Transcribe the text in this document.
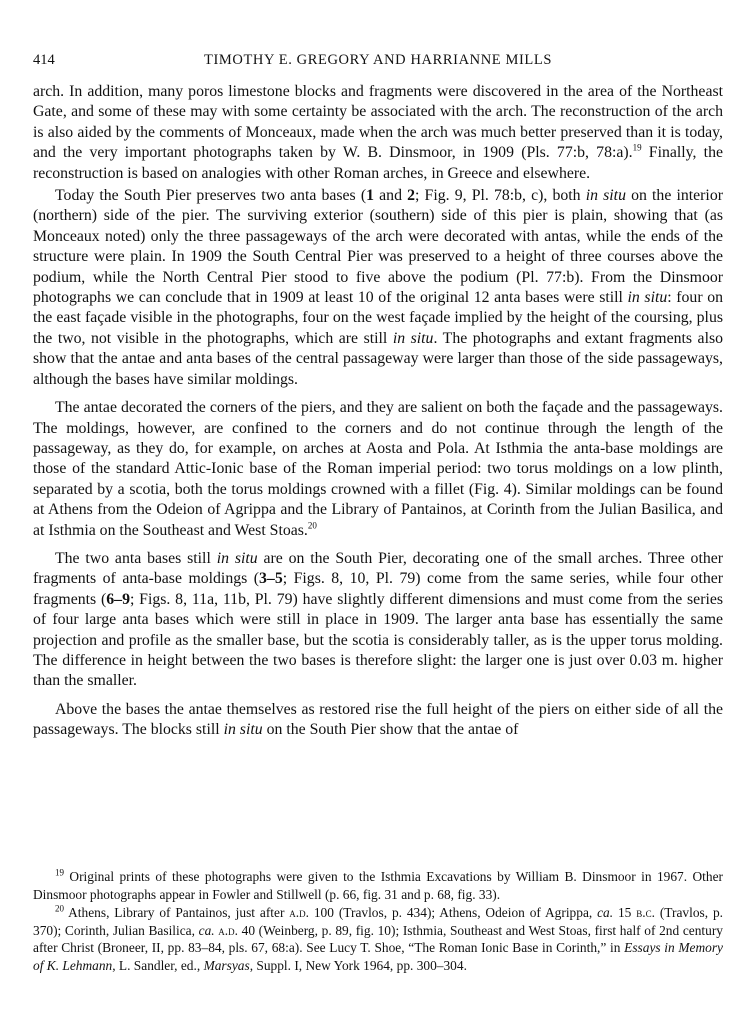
414	TIMOTHY E. GREGORY AND HARRIANNE MILLS

arch. In addition, many poros limestone blocks and fragments were discovered in the area of the Northeast Gate, and some of these may with some certainty be associated with the arch. The reconstruction of the arch is also aided by the comments of Monceaux, made when the arch was much better preserved than it is today, and the very important photographs taken by W. B. Dinsmoor, in 1909 (Pls. 77:b, 78:a).$^{19}$ Finally, the reconstruction is based on analogies with other Roman arches, in Greece and elsewhere.

Today the South Pier preserves two anta bases (1 and 2; Fig. 9, Pl. 78:b, c), both in situ on the interior (northern) side of the pier. The surviving exterior (southern) side of this pier is plain, showing that (as Monceaux noted) only the three passageways of the arch were decorated with antas, while the ends of the structure were plain. In 1909 the South Central Pier was preserved to a height of three courses above the podium, while the North Central Pier stood to five above the podium (Pl. 77:b). From the Dinsmoor photographs we can conclude that in 1909 at least 10 of the original 12 anta bases were still in situ: four on the east façade visible in the photographs, four on the west façade implied by the height of the coursing, plus the two, not visible in the photographs, which are still in situ. The photographs and extant fragments also show that the antae and anta bases of the central passageway were larger than those of the side passageways, although the bases have similar moldings.

The antae decorated the corners of the piers, and they are salient on both the façade and the passageways. The moldings, however, are confined to the corners and do not continue through the length of the passageway, as they do, for example, on arches at Aosta and Pola. At Isthmia the anta-base moldings are those of the standard Attic-Ionic base of the Roman imperial period: two torus moldings on a low plinth, separated by a scotia, both the torus moldings crowned with a fillet (Fig. 4). Similar moldings can be found at Athens from the Odeion of Agrippa and the Library of Pantainos, at Corinth from the Julian Basilica, and at Isthmia on the Southeast and West Stoas.$^{20}$

The two anta bases still in situ are on the South Pier, decorating one of the small arches. Three other fragments of anta-base moldings (3–5; Figs. 8, 10, Pl. 79) come from the same series, while four other fragments (6–9; Figs. 8, 11a, 11b, Pl. 79) have slightly different dimensions and must come from the series of four large anta bases which were still in place in 1909. The larger anta base has essentially the same projection and profile as the smaller base, but the scotia is considerably taller, as is the upper torus molding. The difference in height between the two bases is therefore slight: the larger one is just over 0.03 m. higher than the smaller.

Above the bases the antae themselves as restored rise the full height of the piers on either side of all the passageways. The blocks still in situ on the South Pier show that the antae of

$^{19}$ Original prints of these photographs were given to the Isthmia Excavations by William B. Dinsmoor in 1967. Other Dinsmoor photographs appear in Fowler and Stillwell (p. 66, fig. 31 and p. 68, fig. 33).

$^{20}$ Athens, Library of Pantainos, just after a.d. 100 (Travlos, p. 434); Athens, Odeion of Agrippa, ca. 15 b.c. (Travlos, p. 370); Corinth, Julian Basilica, ca. a.d. 40 (Weinberg, p. 89, fig. 10); Isthmia, Southeast and West Stoas, first half of 2nd century after Christ (Broneer, II, pp. 83–84, pls. 67, 68:a). See Lucy T. Shoe, “The Roman Ionic Base in Corinth,” in Essays in Memory of K. Lehmann, L. Sandler, ed., Marsyas, Suppl. I, New York 1964, pp. 300–304.
